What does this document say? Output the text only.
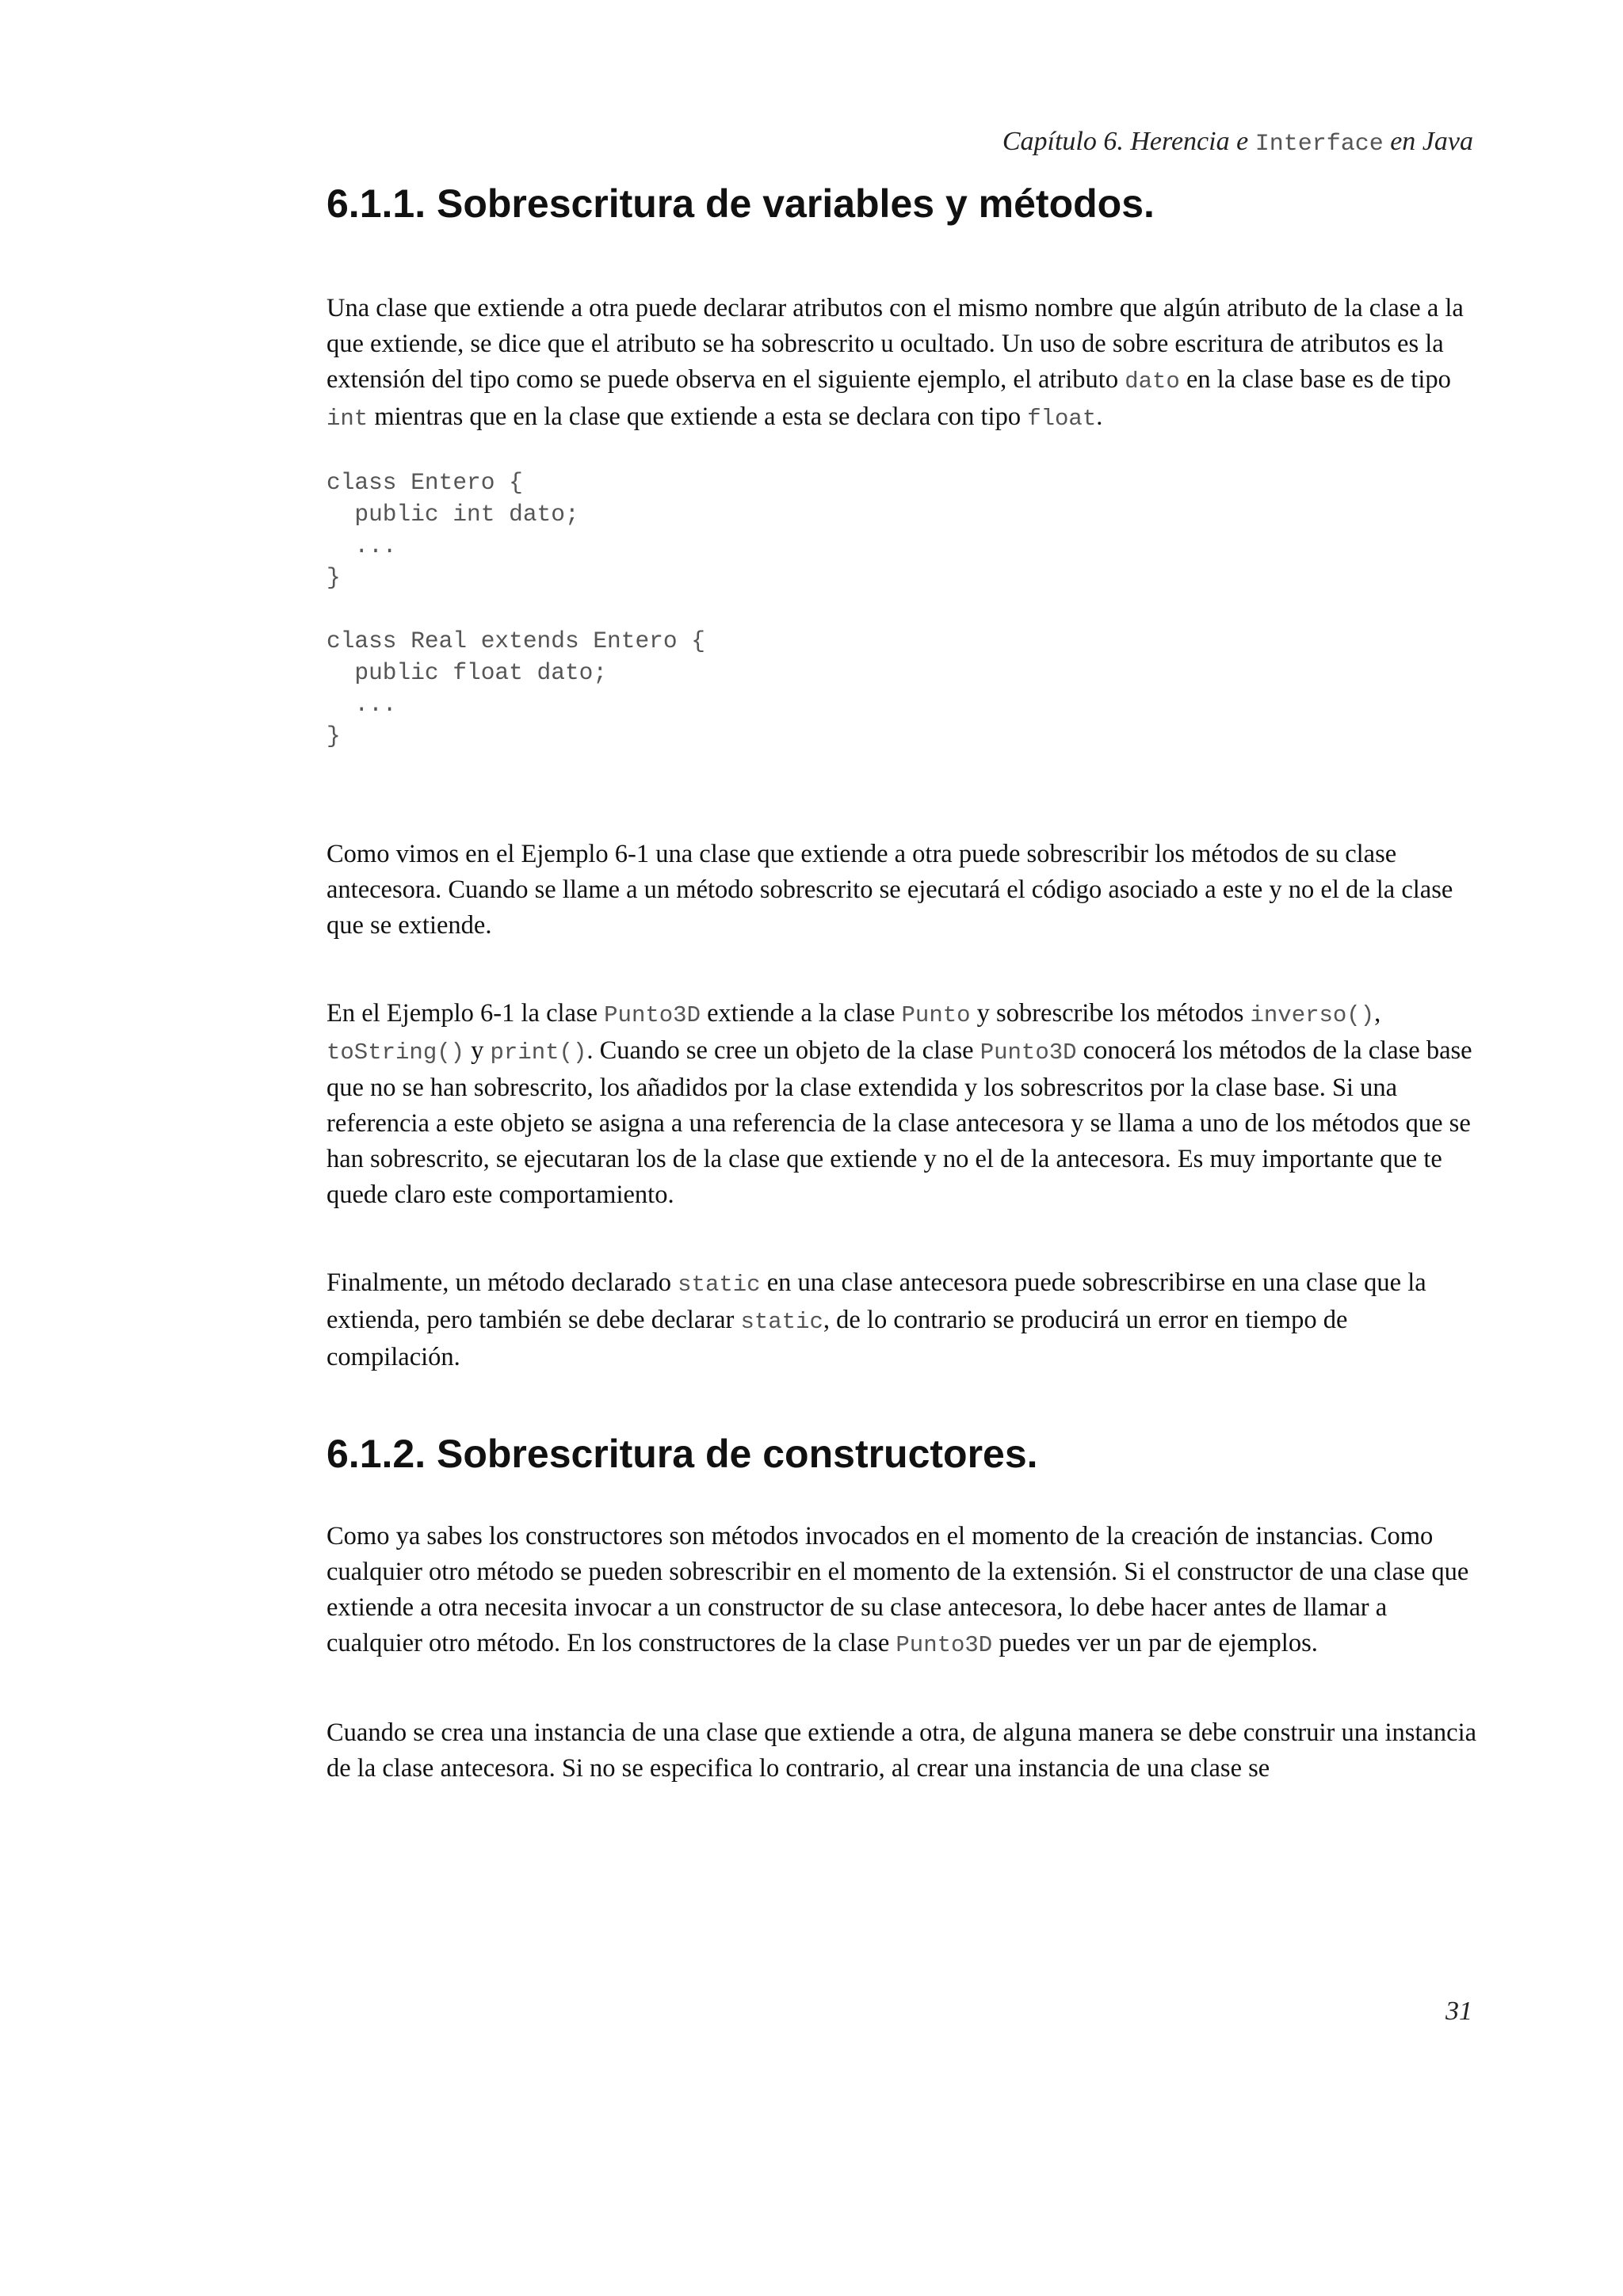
Capítulo 6. Herencia e Interface en Java
6.1.1. Sobrescritura de variables y métodos.

Una clase que extiende a otra puede declarar atributos con el mismo nombre que algún atributo de la clase a la que extiende, se dice que el atributo se ha sobrescrito u ocultado. Un uso de sobre escritura de atributos es la extensión del tipo como se puede observa en el siguiente ejemplo, el atributo dato en la clase base es de tipo int mientras que en la clase que extiende a esta se declara con tipo float.

class Entero {
public int dato;
...
}
class Real extends Entero {
public float dato;
...
}

Como vimos en el Ejemplo 6-1 una clase que extiende a otra puede sobrescribir los métodos de su clase antecesora. Cuando se llame a un método sobrescrito se ejecutará el código asociado a este y no el de la clase que se extiende.

En el Ejemplo 6-1 la clase Punto3D extiende a la clase Punto y sobrescribe los métodos inverso(), toString() y print(). Cuando se cree un objeto de la clase Punto3D conocerá los métodos de la clase base que no se han sobrescrito, los añadidos por la clase extendida y los sobrescritos por la clase base. Si una referencia a este objeto se asigna a una referencia de la clase antecesora y se llama a uno de los métodos que se han sobrescrito, se ejecutaran los de la clase que extiende y no el de la antecesora. Es muy importante que te quede claro este comportamiento.

Finalmente, un método declarado static en una clase antecesora puede sobrescribirse en una clase que la extienda, pero también se debe declarar static, de lo contrario se producirá un error en tiempo de compilación.

6.1.2. Sobrescritura de constructores.

Como ya sabes los constructores son métodos invocados en el momento de la creación de instancias. Como cualquier otro método se pueden sobrescribir en el momento de la extensión. Si el constructor de una clase que extiende a otra necesita invocar a un constructor de su clase antecesora, lo debe hacer antes de llamar a cualquier otro método. En los constructores de la clase Punto3D puedes ver un par de ejemplos.

Cuando se crea una instancia de una clase que extiende a otra, de alguna manera se debe construir una instancia de la clase antecesora. Si no se especifica lo contrario, al crear una instancia de una clase se

31
